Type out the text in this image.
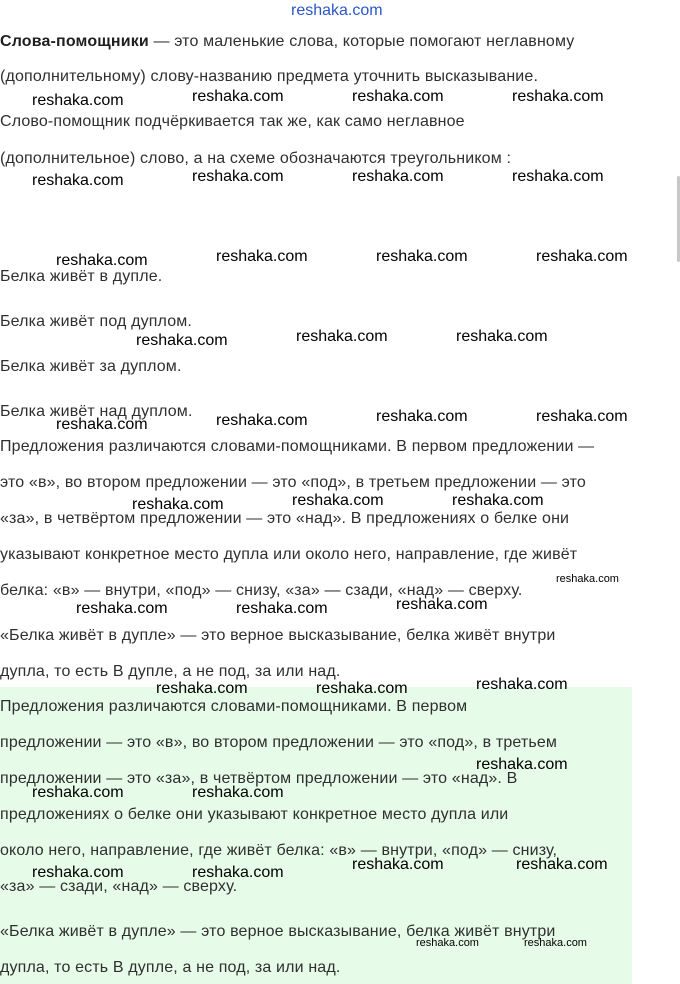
reshaka.com
Слова-помощники — это маленькие слова, которые помогают неглавному
(дополнительному) слову-названию предмета уточнить высказывание.
Слово-помощник подчёркивается так же, как само неглавное
(дополнительное) слово, а на схеме обозначаются треугольником :
Белка живёт в дупле.
Белка живёт под дуплом.
Белка живёт за дуплом.
Белка живёт над дуплом.
Предложения различаются словами-помощниками. В первом предложении —
это «в», во втором предложении — это «под», в третьем предложении — это
«за», в четвёртом предложении — это «над». В предложениях о белке они
указывают конкретное место дупла или около него, направление, где живёт
белка: «в» — внутри, «под» — снизу, «за» — сзади, «над» — сверху.
«Белка живёт в дупле» — это верное высказывание, белка живёт внутри
дупла, то есть В дупле, а не под, за или над.
Предложения различаются словами-помощниками. В первом
предложении — это «в», во втором предложении — это «под», в третьем
предложении — это «за», в четвёртом предложении — это «над». В
предложениях о белке они указывают конкретное место дупла или
около него, направление, где живёт белка: «в» — внутри, «под» — снизу,
«за» — сзади, «над» — сверху.
«Белка живёт в дупле» — это верное высказывание, белка живёт внутри
дупла, то есть В дупле, а не под, за или над.
reshaka.com	reshaka.com	reshaka.com	reshaka.com
reshaka.com	reshaka.com	reshaka.com	reshaka.com
reshaka.com	reshaka.com	reshaka.com	reshaka.com
reshaka.com	reshaka.com	reshaka.com
reshaka.com	reshaka.com	reshaka.com	reshaka.com
reshaka.com	reshaka.com	reshaka.com
reshaka.com
reshaka.com	reshaka.com	reshaka.com
reshaka.com	reshaka.com	reshaka.com
reshaka.com	reshaka.com
reshaka.com
reshaka.com	reshaka.com	reshaka.com	reshaka.com
reshaka.com	reshaka.com
